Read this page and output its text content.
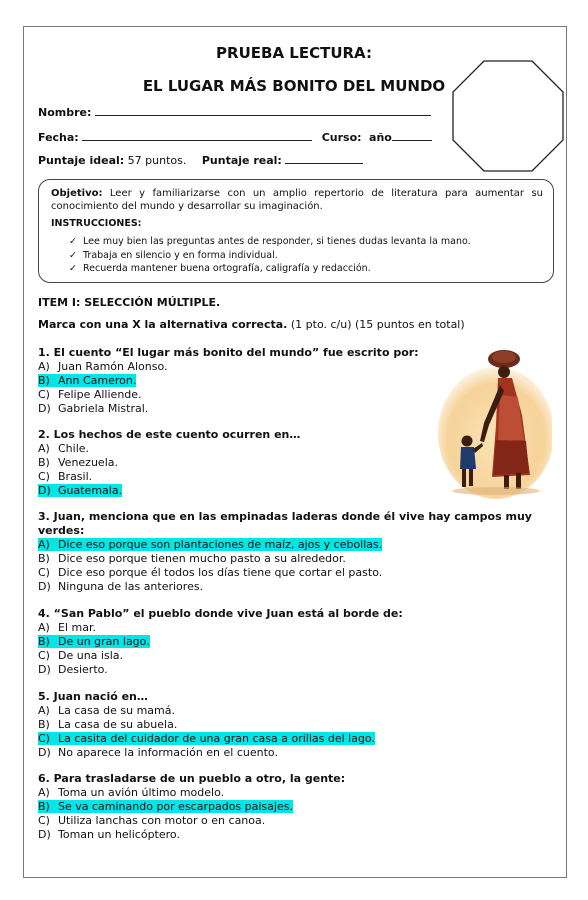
PRUEBA LECTURA:
EL LUGAR MÁS BONITO DEL MUNDO
Nombre:
Fecha:	Curso: año
Puntaje ideal: 57 puntos. Puntaje real:
Objetivo: Leer y familiarizarse con un amplio repertorio de literatura para aumentar su conocimiento del mundo y desarrollar su imaginación.
INSTRUCCIONES:
✓ Lee muy bien las preguntas antes de responder, si tienes dudas levanta la mano.
✓ Trabaja en silencio y en forma individual.
✓ Recuerda mantener buena ortografía, caligrafía y redacción.
ITEM I: SELECCIÓN MÚLTIPLE.
Marca con una X la alternativa correcta. (1 pto. c/u) (15 puntos en total)
1. El cuento “El lugar más bonito del mundo” fue escrito por:
A) Juan Ramón Alonso.
B) Ann Cameron.
C) Felipe Alliende.
D) Gabriela Mistral.
2. Los hechos de este cuento ocurren en…
A) Chile.
B) Venezuela.
C) Brasil.
D) Guatemala.
3. Juan, menciona que en las empinadas laderas donde él vive hay campos muy
verdes:
A) Dice eso porque son plantaciones de maíz, ajos y cebollas.
B) Dice eso porque tienen mucho pasto a su alrededor.
C) Dice eso porque él todos los días tiene que cortar el pasto.
D) Ninguna de las anteriores.
4. “San Pablo” el pueblo donde vive Juan está al borde de:
A) El mar.
B) De un gran lago.
C) De una isla.
D) Desierto.
5. Juan nació en…
A) La casa de su mamá.
B) La casa de su abuela.
C) La casita del cuidador de una gran casa a orillas del lago.
D) No aparece la información en el cuento.
6. Para trasladarse de un pueblo a otro, la gente:
A) Toma un avión último modelo.
B) Se va caminando por escarpados paisajes.
C) Utiliza lanchas con motor o en canoa.
D) Toman un helicóptero.
